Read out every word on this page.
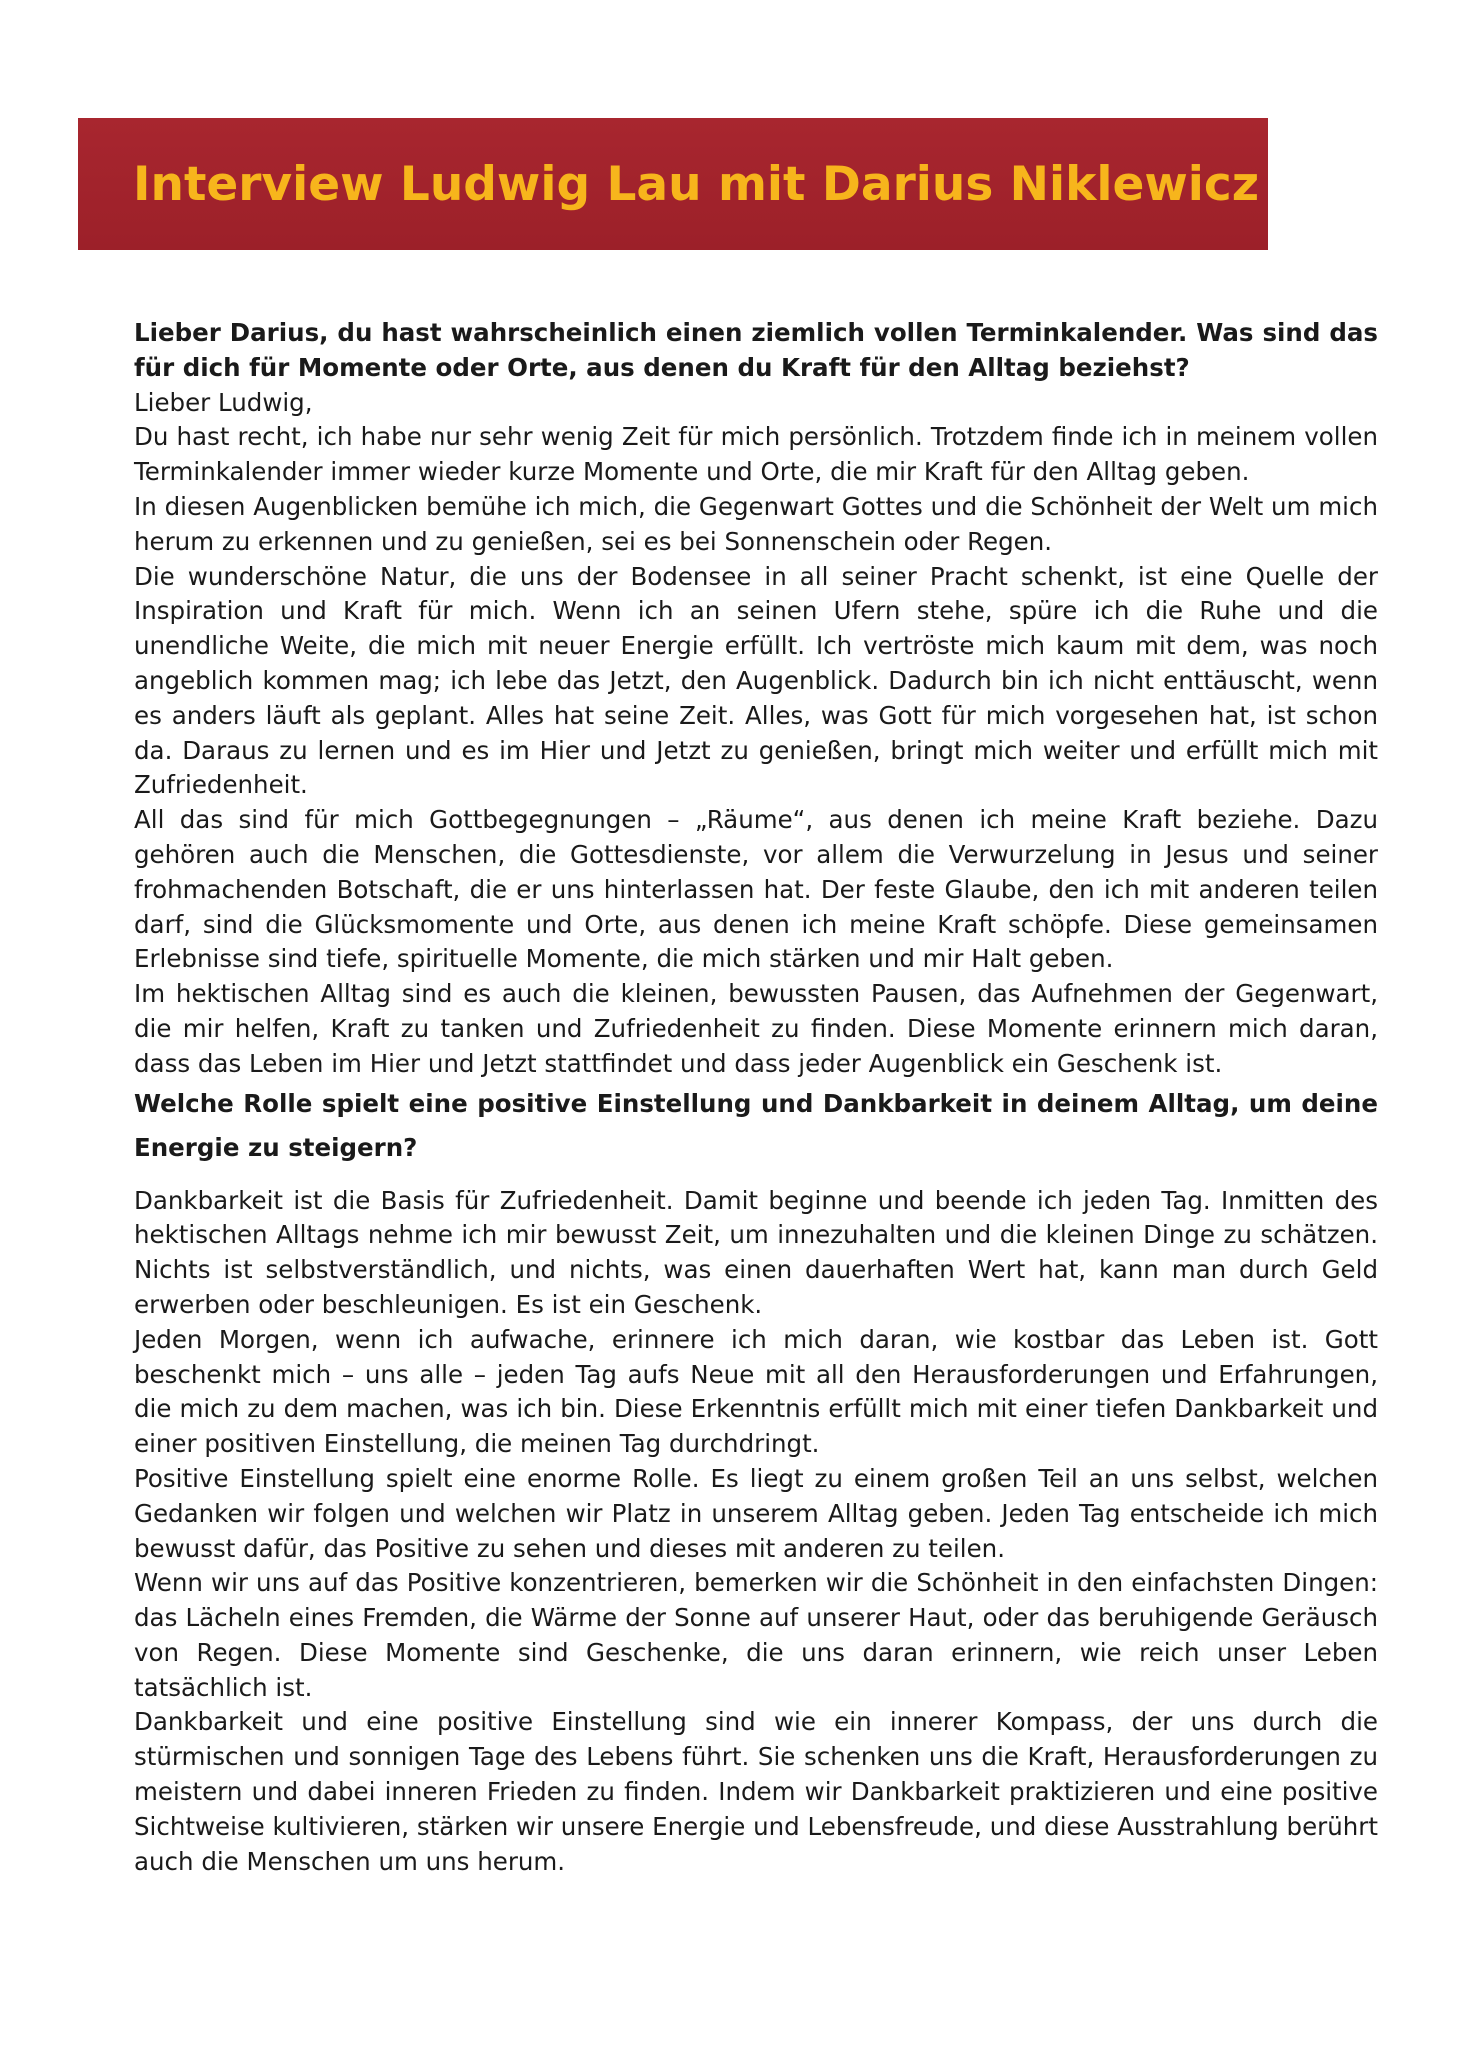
Interview Ludwig Lau mit Darius Niklewicz

Lieber Darius, du hast wahrscheinlich einen ziemlich vollen Terminkalender. Was sind das für dich für Momente oder Orte, aus denen du Kraft für den Alltag beziehst?

Lieber Ludwig,

Du hast recht, ich habe nur sehr wenig Zeit für mich persönlich. Trotzdem finde ich in meinem vollen Terminkalender immer wieder kurze Momente und Orte, die mir Kraft für den Alltag geben.

In diesen Augenblicken bemühe ich mich, die Gegenwart Gottes und die Schönheit der Welt um mich herum zu erkennen und zu genießen, sei es bei Sonnenschein oder Regen.

Die wunderschöne Natur, die uns der Bodensee in all seiner Pracht schenkt, ist eine Quelle der Inspiration und Kraft für mich. Wenn ich an seinen Ufern stehe, spüre ich die Ruhe und die unendliche Weite, die mich mit neuer Energie erfüllt. Ich vertröste mich kaum mit dem, was noch angeblich kommen mag; ich lebe das Jetzt, den Augenblick. Dadurch bin ich nicht enttäuscht, wenn es anders läuft als geplant. Alles hat seine Zeit. Alles, was Gott für mich vorgesehen hat, ist schon da. Daraus zu lernen und es im Hier und Jetzt zu genießen, bringt mich weiter und erfüllt mich mit Zufriedenheit.

All das sind für mich Gottbegegnungen – „Räume“, aus denen ich meine Kraft beziehe. Dazu gehören auch die Menschen, die Gottesdienste, vor allem die Verwurzelung in Jesus und seiner frohmachenden Botschaft, die er uns hinterlassen hat. Der feste Glaube, den ich mit anderen teilen darf, sind die Glücksmomente und Orte, aus denen ich meine Kraft schöpfe. Diese gemeinsamen Erlebnisse sind tiefe, spirituelle Momente, die mich stärken und mir Halt geben.

Im hektischen Alltag sind es auch die kleinen, bewussten Pausen, das Aufnehmen der Gegenwart, die mir helfen, Kraft zu tanken und Zufriedenheit zu finden. Diese Momente erinnern mich daran, dass das Leben im Hier und Jetzt stattfindet und dass jeder Augenblick ein Geschenk ist.

Welche Rolle spielt eine positive Einstellung und Dankbarkeit in deinem Alltag, um deine Energie zu steigern?

Dankbarkeit ist die Basis für Zufriedenheit. Damit beginne und beende ich jeden Tag. Inmitten des hektischen Alltags nehme ich mir bewusst Zeit, um innezuhalten und die kleinen Dinge zu schätzen. Nichts ist selbstverständlich, und nichts, was einen dauerhaften Wert hat, kann man durch Geld erwerben oder beschleunigen. Es ist ein Geschenk.

Jeden Morgen, wenn ich aufwache, erinnere ich mich daran, wie kostbar das Leben ist. Gott beschenkt mich – uns alle – jeden Tag aufs Neue mit all den Herausforderungen und Erfahrungen, die mich zu dem machen, was ich bin. Diese Erkenntnis erfüllt mich mit einer tiefen Dankbarkeit und einer positiven Einstellung, die meinen Tag durchdringt.

Positive Einstellung spielt eine enorme Rolle. Es liegt zu einem großen Teil an uns selbst, welchen Gedanken wir folgen und welchen wir Platz in unserem Alltag geben. Jeden Tag entscheide ich mich bewusst dafür, das Positive zu sehen und dieses mit anderen zu teilen.

Wenn wir uns auf das Positive konzentrieren, bemerken wir die Schönheit in den einfachsten Dingen: das Lächeln eines Fremden, die Wärme der Sonne auf unserer Haut, oder das beruhigende Geräusch von Regen. Diese Momente sind Geschenke, die uns daran erinnern, wie reich unser Leben tatsächlich ist.

Dankbarkeit und eine positive Einstellung sind wie ein innerer Kompass, der uns durch die stürmischen und sonnigen Tage des Lebens führt. Sie schenken uns die Kraft, Herausforderungen zu meistern und dabei inneren Frieden zu finden. Indem wir Dankbarkeit praktizieren und eine positive Sichtweise kultivieren, stärken wir unsere Energie und Lebensfreude, und diese Ausstrahlung berührt auch die Menschen um uns herum.
